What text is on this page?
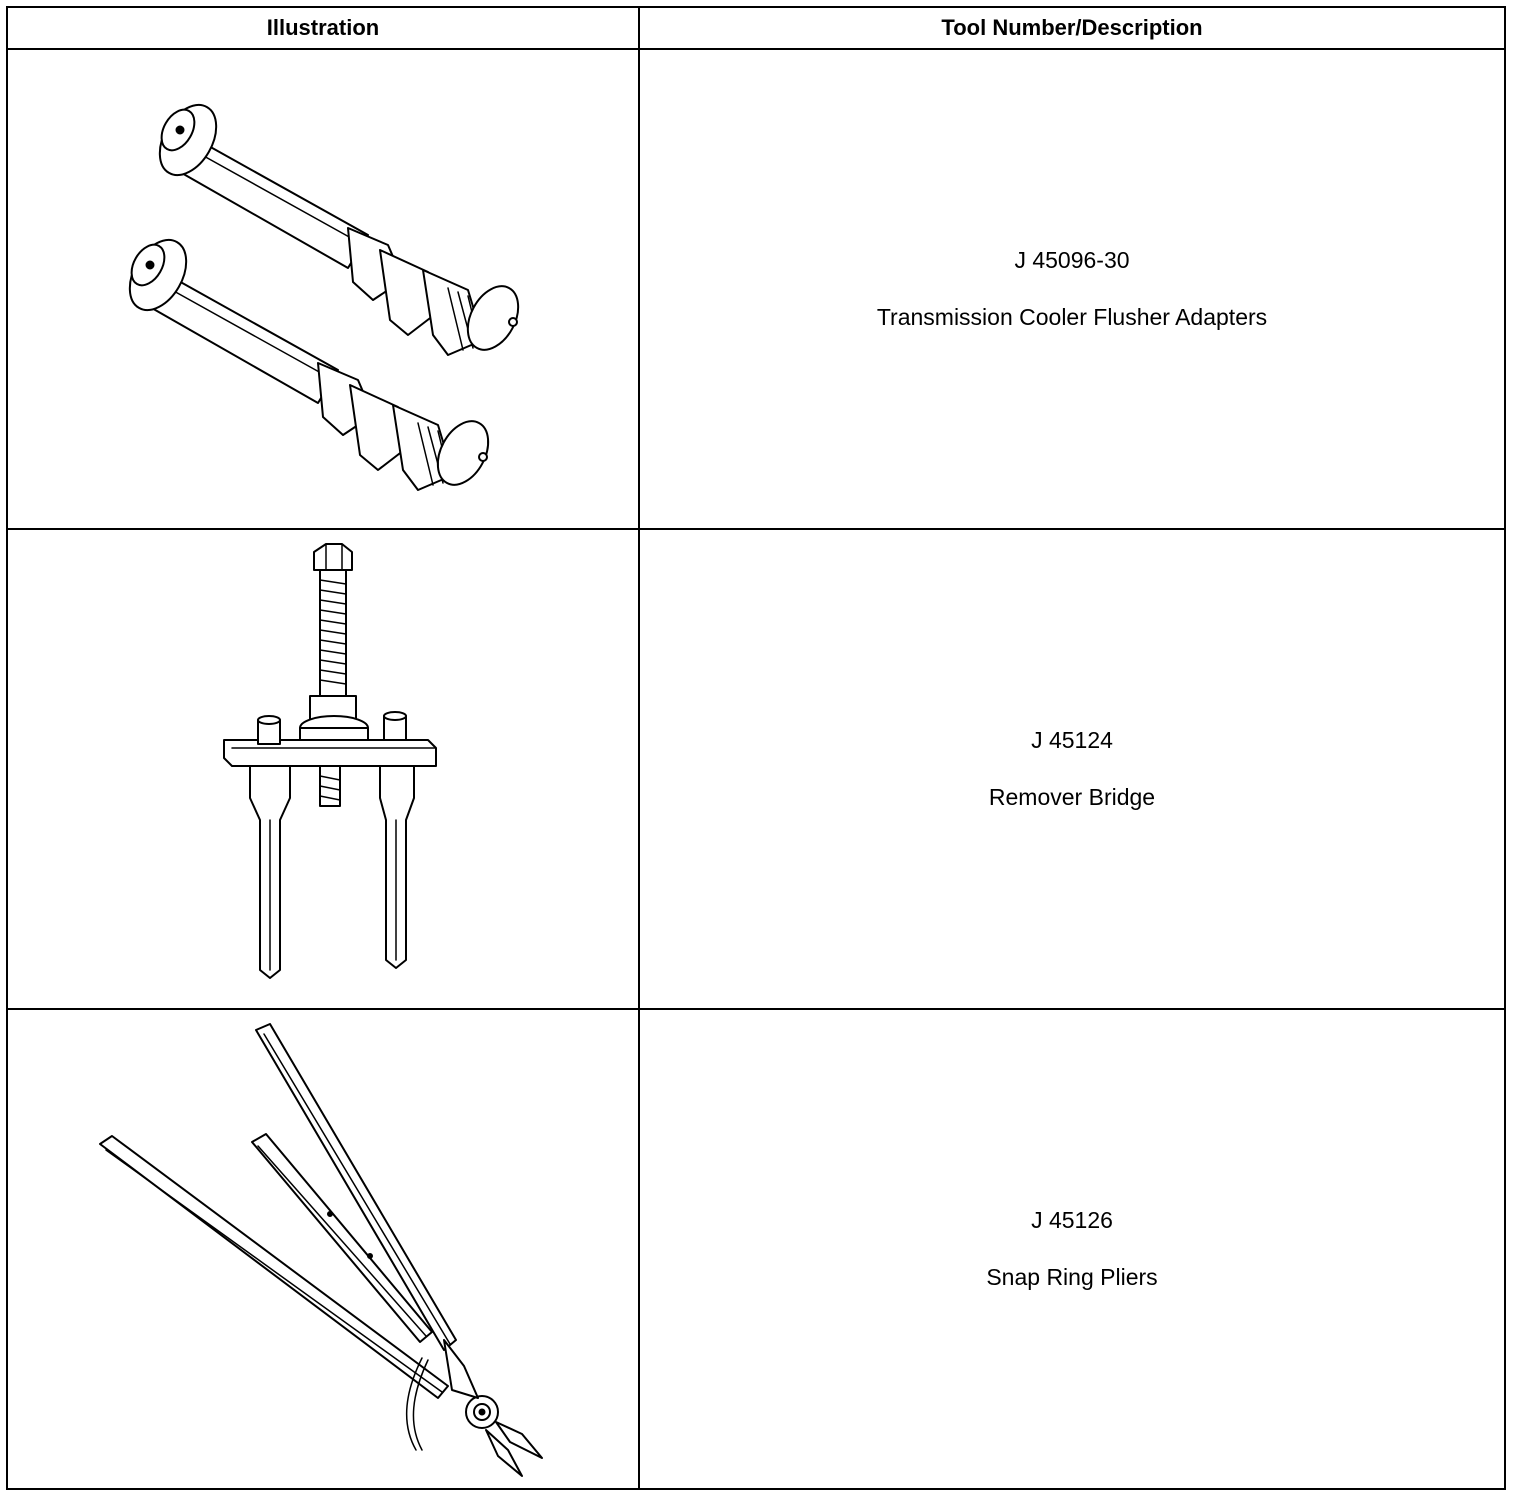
Illustration	Tool Number/Description

J 45096-30
Transmission Cooler Flusher Adapters

J 45124
Remover Bridge

J 45126
Snap Ring Pliers
